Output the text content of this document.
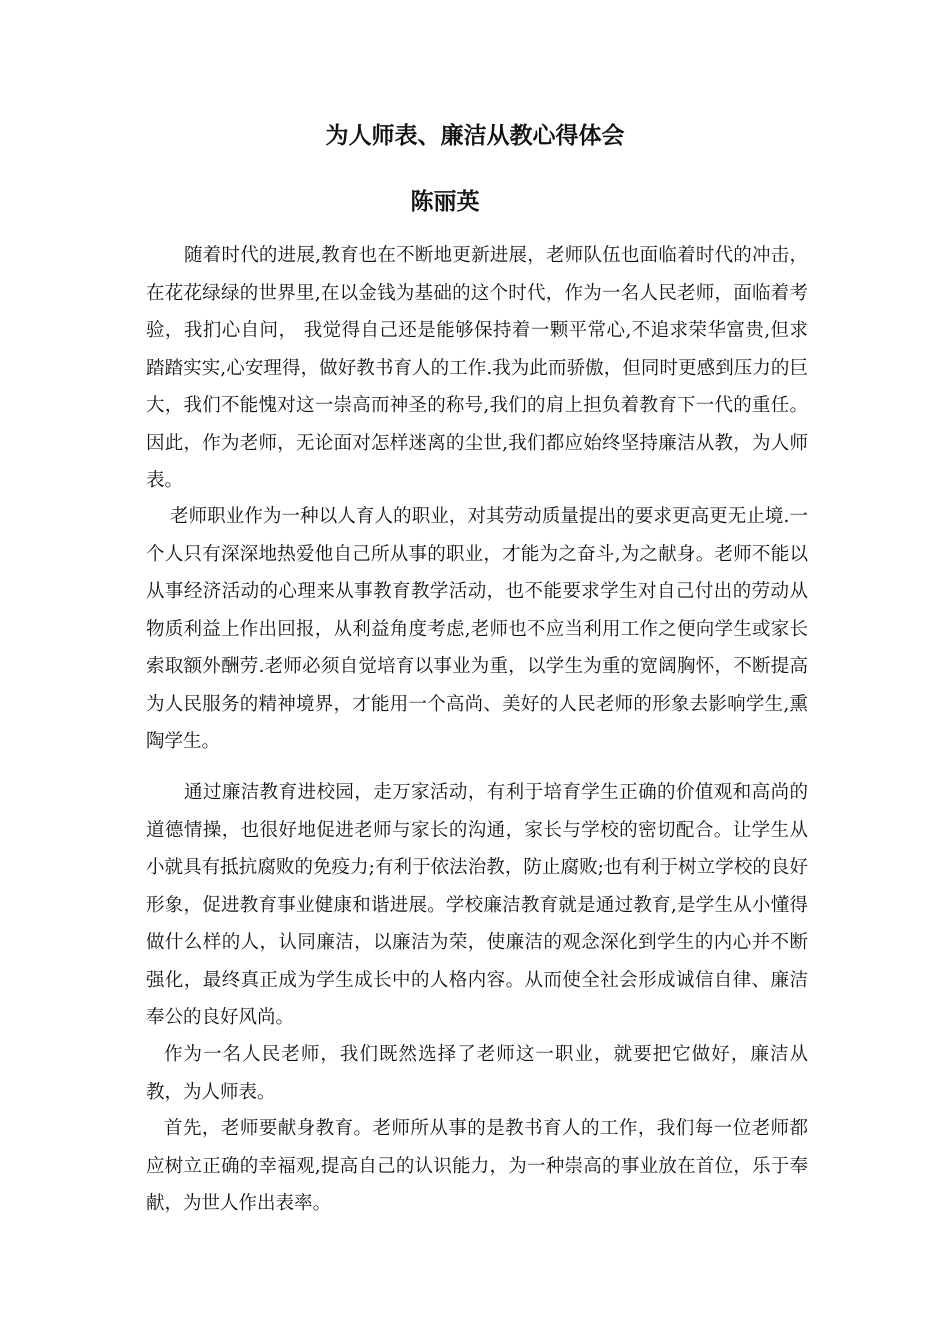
为人师表、廉洁从教心得体会
陈丽英

随着时代的进展,教育也在不断地更新进展，老师队伍也面临着时代的冲击，在花花绿绿的世界里,在以金钱为基础的这个时代，作为一名人民老师，面临着考验，我扪心自问， 我觉得自己还是能够保持着一颗平常心,不追求荣华富贵,但求踏踏实实,心安理得，做好教书育人的工作.我为此而骄傲，但同时更感到压力的巨大，我们不能愧对这一崇高而神圣的称号,我们的肩上担负着教育下一代的重任。因此，作为老师，无论面对怎样迷离的尘世,我们都应始终坚持廉洁从教，为人师表。

老师职业作为一种以人育人的职业，对其劳动质量提出的要求更高更无止境.一个人只有深深地热爱他自己所从事的职业，才能为之奋斗,为之献身。老师不能以从事经济活动的心理来从事教育教学活动，也不能要求学生对自己付出的劳动从物质利益上作出回报，从利益角度考虑,老师也不应当利用工作之便向学生或家长索取额外酬劳.老师必须自觉培育以事业为重，以学生为重的宽阔胸怀，不断提高为人民服务的精神境界，才能用一个高尚、美好的人民老师的形象去影响学生,熏陶学生。

通过廉洁教育进校园，走万家活动，有利于培育学生正确的价值观和高尚的道德情操，也很好地促进老师与家长的沟通，家长与学校的密切配合。让学生从小就具有抵抗腐败的免疫力;有利于依法治教，防止腐败;也有利于树立学校的良好形象，促进教育事业健康和谐进展。学校廉洁教育就是通过教育,是学生从小懂得做什么样的人，认同廉洁，以廉洁为荣，使廉洁的观念深化到学生的内心并不断强化，最终真正成为学生成长中的人格内容。从而使全社会形成诚信自律、廉洁奉公的良好风尚。

作为一名人民老师，我们既然选择了老师这一职业，就要把它做好，廉洁从教，为人师表。

首先，老师要献身教育。老师所从事的是教书育人的工作，我们每一位老师都应树立正确的幸福观,提高自己的认识能力，为一种崇高的事业放在首位，乐于奉献，为世人作出表率。
